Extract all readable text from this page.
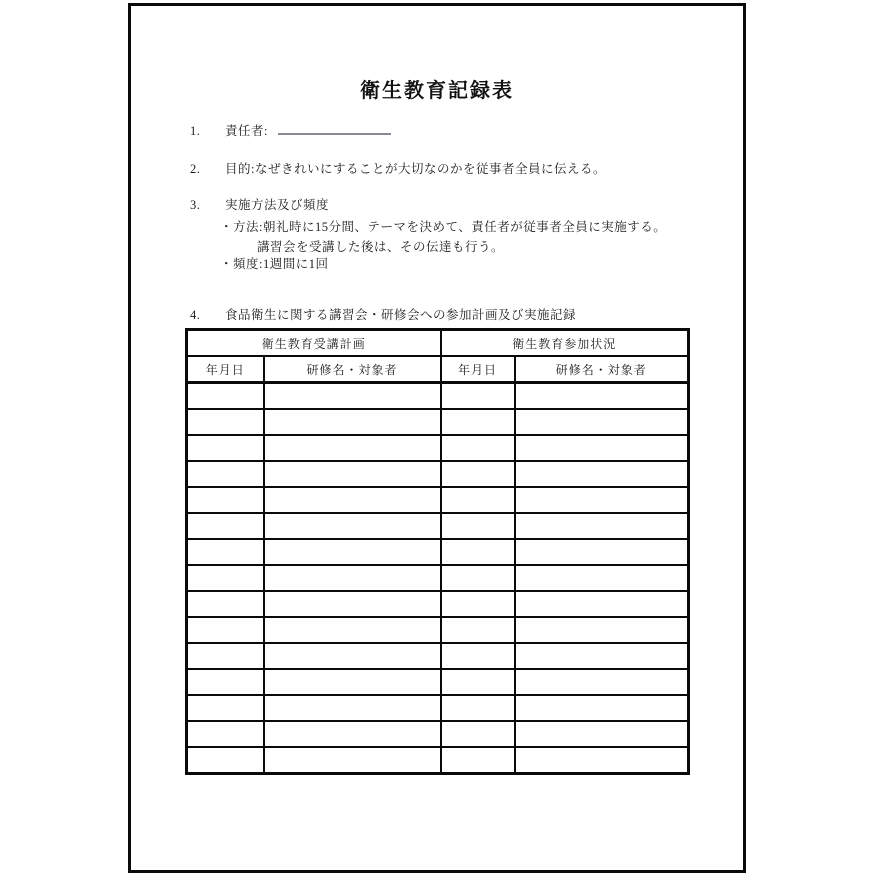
衛生教育記録表
1. 責任者:
2. 目的:なぜきれいにすることが大切なのかを従事者全員に伝える。
3. 実施方法及び頻度
・方法:朝礼時に15分間、テーマを決めて、責任者が従事者全員に実施する。
講習会を受講した後は、その伝達も行う。
・頻度:1週間に1回
4. 食品衛生に関する講習会・研修会への参加計画及び実施記録
衛生教育受講計画		衛生教育参加状況	
年月日	研修名・対象者	年月日	研修名・対象者
